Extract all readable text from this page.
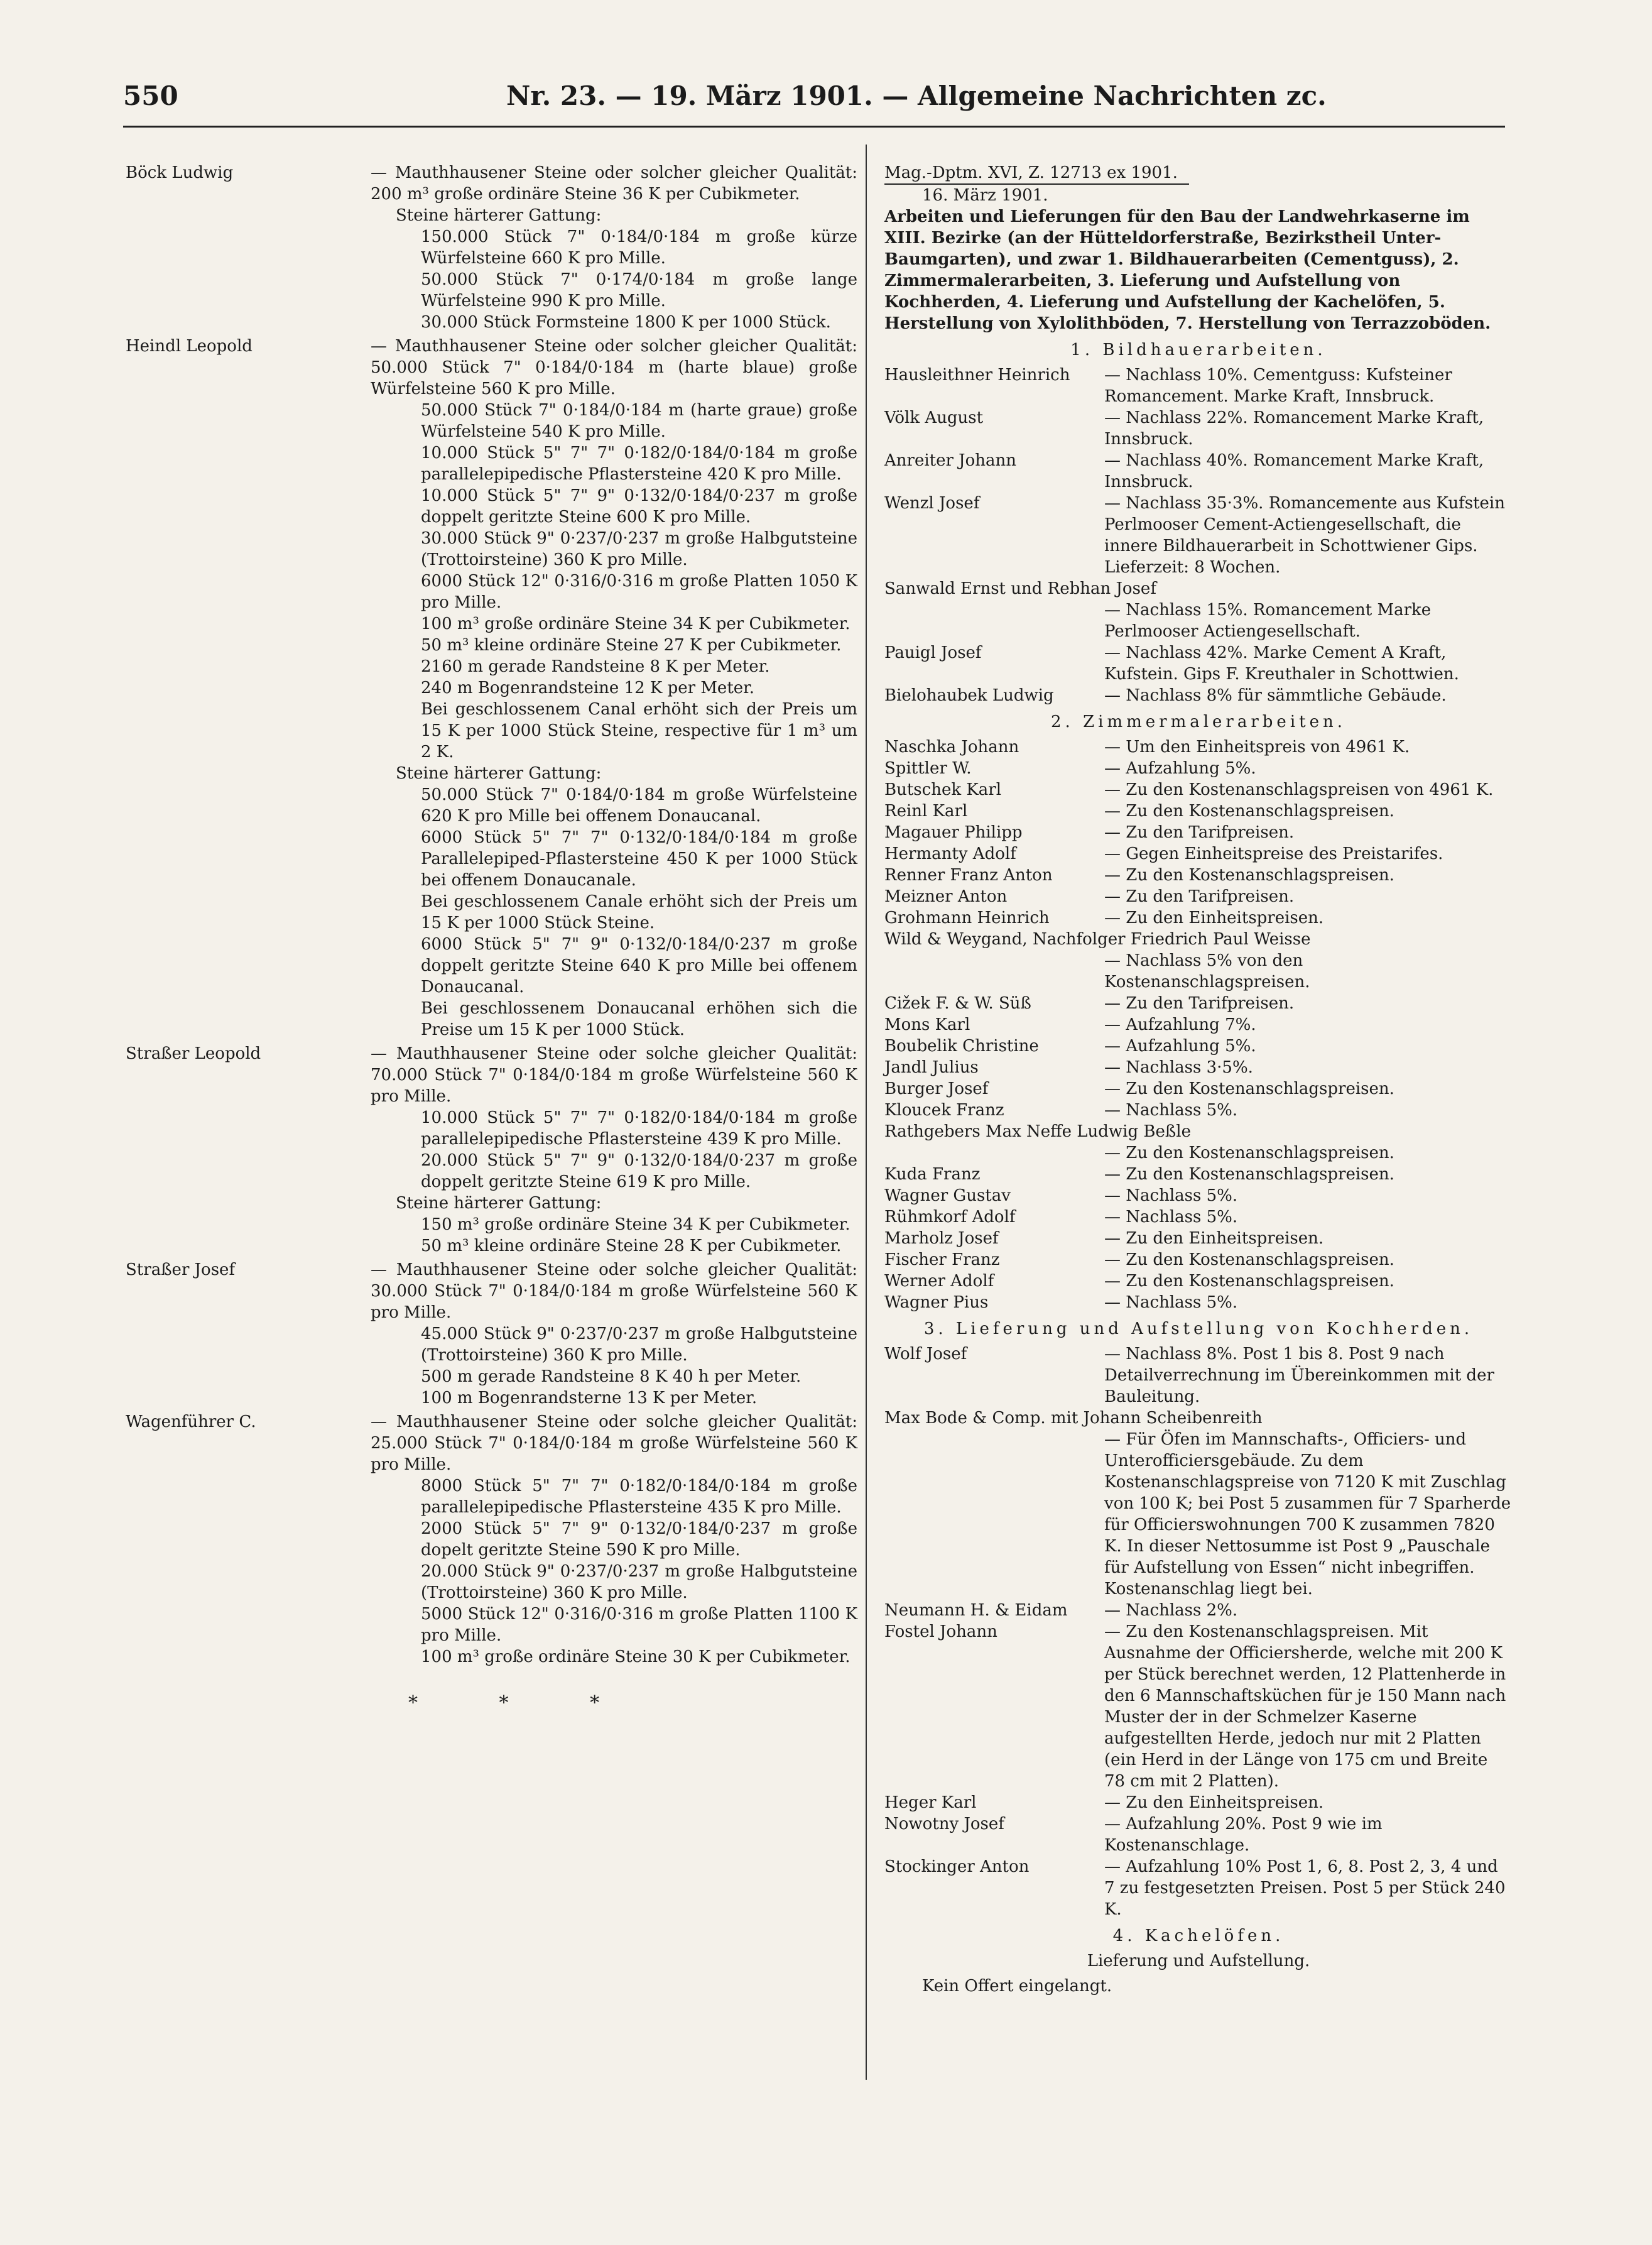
550	Nr. 23. — 19. März 1901. — Allgemeine Nachrichten zc.
Böck Ludwig	— Mauthhausener Steine oder solcher gleicher Qualität: 200 m³ große ordinäre Steine 36 K per Cubikmeter.

Steine härterer Gattung:

150.000 Stück 7" 0·184/0·184 m große kürze Würfelsteine 660 K pro Mille.

50.000 Stück 7" 0·174/0·184 m große lange Würfelsteine 990 K pro Mille.

30.000 Stück Formsteine 1800 K per 1000 Stück.

Heindl Leopold	— Mauthhausener Steine oder solcher gleicher Qualität: 50.000 Stück 7" 0·184/0·184 m (harte blaue) große Würfelsteine 560 K pro Mille.

50.000 Stück 7" 0·184/0·184 m (harte graue) große Würfelsteine 540 K pro Mille.

10.000 Stück 5" 7" 7" 0·182/0·184/0·184 m große parallelepipedische Pflastersteine 420 K pro Mille.

10.000 Stück 5" 7" 9" 0·132/0·184/0·237 m große doppelt geritzte Steine 600 K pro Mille.

30.000 Stück 9" 0·237/0·237 m große Halbgutsteine (Trottoirsteine) 360 K pro Mille.

6000 Stück 12" 0·316/0·316 m große Platten 1050 K pro Mille.

100 m³ große ordinäre Steine 34 K per Cubikmeter.

50 m³ kleine ordinäre Steine 27 K per Cubikmeter.

2160 m gerade Randsteine 8 K per Meter.

240 m Bogenrandsteine 12 K per Meter.

Bei geschlossenem Canal erhöht sich der Preis um 15 K per 1000 Stück Steine, respective für 1 m³ um 2 K.

Steine härterer Gattung:

50.000 Stück 7" 0·184/0·184 m große Würfelsteine 620 K pro Mille bei offenem Donaucanal.

6000 Stück 5" 7" 7" 0·132/0·184/0·184 m große Parallelepiped-Pflastersteine 450 K per 1000 Stück bei offenem Donaucanale.

Bei geschlossenem Canale erhöht sich der Preis um 15 K per 1000 Stück Steine.

6000 Stück 5" 7" 9" 0·132/0·184/0·237 m große doppelt geritzte Steine 640 K pro Mille bei offenem Donaucanal.

Bei geschlossenem Donaucanal erhöhen sich die Preise um 15 K per 1000 Stück.

Straßer Leopold	— Mauthhausener Steine oder solche gleicher Qualität: 70.000 Stück 7" 0·184/0·184 m große Würfelsteine 560 K pro Mille.

10.000 Stück 5" 7" 7" 0·182/0·184/0·184 m große parallelepipedische Pflastersteine 439 K pro Mille.

20.000 Stück 5" 7" 9" 0·132/0·184/0·237 m große doppelt geritzte Steine 619 K pro Mille.

Steine härterer Gattung:

150 m³ große ordinäre Steine 34 K per Cubikmeter.

50 m³ kleine ordinäre Steine 28 K per Cubikmeter.

Straßer Josef	— Mauthhausener Steine oder solche gleicher Qualität: 30.000 Stück 7" 0·184/0·184 m große Würfelsteine 560 K pro Mille.

45.000 Stück 9" 0·237/0·237 m große Halbgutsteine (Trottoirsteine) 360 K pro Mille.

500 m gerade Randsteine 8 K 40 h per Meter.

100 m Bogenrandsterne 13 K per Meter.

Wagenführer C.	— Mauthhausener Steine oder solche gleicher Qualität: 25.000 Stück 7" 0·184/0·184 m große Würfelsteine 560 K pro Mille.

8000 Stück 5" 7" 7" 0·182/0·184/0·184 m große parallelepipedische Pflastersteine 435 K pro Mille.

2000 Stück 5" 7" 9" 0·132/0·184/0·237 m große dopelt geritzte Steine 590 K pro Mille.

20.000 Stück 9" 0·237/0·237 m große Halbgutsteine (Trottoirsteine) 360 K pro Mille.

5000 Stück 12" 0·316/0·316 m große Platten 1100 K pro Mille.

100 m³ große ordinäre Steine 30 K per Cubikmeter.

* * *
Mag.-Dptm. XVI, Z. 12713 ex 1901.
16. März 1901.

Arbeiten und Lieferungen für den Bau der Landwehrkaserne im XIII. Bezirke (an der Hütteldorferstraße, Bezirkstheil Unter-Baumgarten), und zwar 1. Bildhauerarbeiten (Cementguss), 2. Zimmermalerarbeiten, 3. Lieferung und Aufstellung von Kochherden, 4. Lieferung und Aufstellung der Kachelöfen, 5. Herstellung von Xylolithböden, 7. Herstellung von Terrazzoböden.

1. Bildhauerarbeiten.
Hausleithner Heinrich	— Nachlass 10%. Cementguss: Kufsteiner Romancement. Marke Kraft, Innsbruck.
Völk August	— Nachlass 22%. Romancement Marke Kraft, Innsbruck.
Anreiter Johann	— Nachlass 40%. Romancement Marke Kraft, Innsbruck.
Wenzl Josef	— Nachlass 35·3%. Romancemente aus Kufstein Perlmooser Cement-Actiengesellschaft, die innere Bildhauerarbeit in Schottwiener Gips. Lieferzeit: 8 Wochen.
Sanwald Ernst und Rebhan Josef
— Nachlass 15%. Romancement Marke Perlmooser Actiengesellschaft.
Pauigl Josef	— Nachlass 42%. Marke Cement A Kraft, Kufstein. Gips F. Kreuthaler in Schottwien.
Bielohaubek Ludwig	— Nachlass 8% für sämmtliche Gebäude.
2. Zimmermalerarbeiten.
Naschka Johann	— Um den Einheitspreis von 4961 K.
Spittler W.	— Aufzahlung 5%.
Butschek Karl	— Zu den Kostenanschlagspreisen von 4961 K.
Reinl Karl	— Zu den Kostenanschlagspreisen.
Magauer Philipp	— Zu den Tarifpreisen.
Hermanty Adolf	— Gegen Einheitspreise des Preistarifes.
Renner Franz Anton	— Zu den Kostenanschlagspreisen.
Meizner Anton	— Zu den Tarifpreisen.
Grohmann Heinrich	— Zu den Einheitspreisen.
Wild & Weygand, Nachfolger Friedrich Paul Weisse
— Nachlass 5% von den Kostenanschlagspreisen.
Cižek F. & W. Süß	— Zu den Tarifpreisen.
Mons Karl	— Aufzahlung 7%.
Boubelik Christine	— Aufzahlung 5%.
Jandl Julius	— Nachlass 3·5%.
Burger Josef	— Zu den Kostenanschlagspreisen.
Kloucek Franz	— Nachlass 5%.
Rathgebers Max Neffe Ludwig Beßle
— Zu den Kostenanschlagspreisen.
Kuda Franz	— Zu den Kostenanschlagspreisen.
Wagner Gustav	— Nachlass 5%.
Rühmkorf Adolf	— Nachlass 5%.
Marholz Josef	— Zu den Einheitspreisen.
Fischer Franz	— Zu den Kostenanschlagspreisen.
Werner Adolf	— Zu den Kostenanschlagspreisen.
Wagner Pius	— Nachlass 5%.
3. Lieferung und Aufstellung von Kochherden.
Wolf Josef	— Nachlass 8%. Post 1 bis 8. Post 9 nach Detailverrechnung im Übereinkommen mit der Bauleitung.
Max Bode & Comp. mit Johann Scheibenreith
— Für Öfen im Mannschafts-, Officiers- und Unterofficiersgebäude. Zu dem Kostenanschlagspreise von 7120 K mit Zuschlag von 100 K; bei Post 5 zusammen für 7 Sparherde für Officierswohnungen 700 K zusammen 7820 K. In dieser Nettosumme ist Post 9 „Pauschale für Aufstellung von Essen“ nicht inbegriffen. Kostenanschlag liegt bei.
Neumann H. & Eidam	— Nachlass 2%.
Fostel Johann	— Zu den Kostenanschlagspreisen. Mit Ausnahme der Officiersherde, welche mit 200 K per Stück berechnet werden, 12 Plattenherde in den 6 Mannschaftsküchen für je 150 Mann nach Muster der in der Schmelzer Kaserne aufgestellten Herde, jedoch nur mit 2 Platten (ein Herd in der Länge von 175 cm und Breite 78 cm mit 2 Platten).
Heger Karl	— Zu den Einheitspreisen.
Nowotny Josef	— Aufzahlung 20%. Post 9 wie im Kostenanschlage.
Stockinger Anton	— Aufzahlung 10% Post 1, 6, 8. Post 2, 3, 4 und 7 zu festgesetzten Preisen. Post 5 per Stück 240 K.
4. Kachelöfen.
Lieferung und Aufstellung.
Kein Offert eingelangt.
